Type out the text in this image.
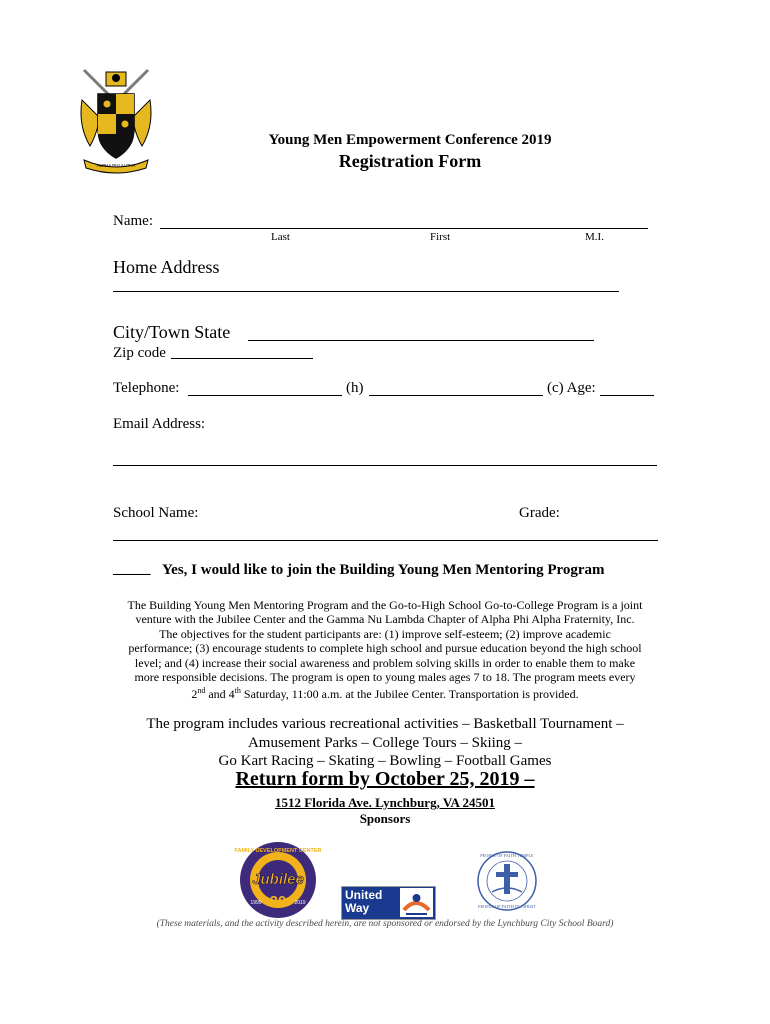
ALPHA PHI ALPHA
Young Men Empowerment Conference 2019
Registration Form
Name:
Last	First	M.I.
Home Address
City/Town State
Zip code
Telephone:	(h)	(c) Age:
Email Address:
School Name:	Grade:
_____ Yes, I would like to join the Building Young Men Mentoring Program
The Building Young Men Mentoring Program and the Go-to-High School Go-to-College Program is a joint
venture with the Jubilee Center and the Gamma Nu Lambda Chapter of Alpha Phi Alpha Fraternity, Inc.
The objectives for the student participants are: (1) improve self-esteem; (2) improve academic
performance; (3) encourage students to complete high school and pursue education beyond the high school
level; and (4) increase their social awareness and problem solving skills in order to enable them to make
more responsible decisions. The program is open to young males ages 7 to 18. The program meets every
2nd and 4th Saturday, 11:00 a.m. at the Jubilee Center. Transportation is provided.
The program includes various recreational activities – Basketball Tournament –
Amusement Parks – College Tours – Skiing –
Go Kart Racing – Skating – Bowling – Football Games
Return form by October 25, 2019 –
1512 Florida Ave. Lynchburg, VA 24501
Sponsors
FAMILY DEVELOPMENT CENTER
Jubilee
20
1999	2019
United
Way
PEOPLE OF FAITH TEMPLE
PEOPLE OF FAITH IN CHRIST
(These materials, and the activity described herein, are not sponsored or endorsed by the Lynchburg City School Board)
